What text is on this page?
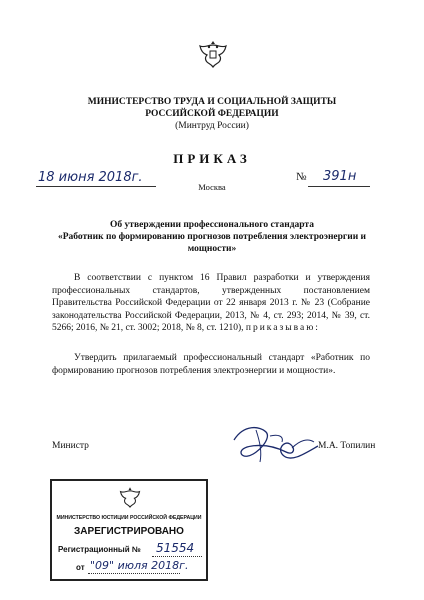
МИНИСТЕРСТВО ТРУДА И СОЦИАЛЬНОЙ ЗАЩИТЫ
РОССИЙСКОЙ ФЕДЕРАЦИИ
(Минтруд России)
ПРИКАЗ
18 июня 2018г.
Москва
№ 391н
Об утверждении профессионального стандарта
«Работник по формированию прогнозов потребления электроэнергии и
мощности»
В соответствии с пунктом 16 Правил разработки и утверждения профессиональных стандартов, утвержденных постановлением Правительства Российской Федерации от 22 января 2013 г. № 23 (Собрание законодательства Российской Федерации, 2013, № 4, ст. 293; 2014, № 39, ст. 5266; 2016, № 21, ст. 3002; 2018, № 8, ст. 1210), приказываю:
Утвердить прилагаемый профессиональный стандарт «Работник по формированию прогнозов потребления электроэнергии и мощности».
Министр	М.А. Топилин
МИНИСТЕРСТВО ЮСТИЦИИ РОССИЙСКОЙ ФЕДЕРАЦИИ
ЗАРЕГИСТРИРОВАНО
Регистрационный № 51554
от "09" июля 2018г.
